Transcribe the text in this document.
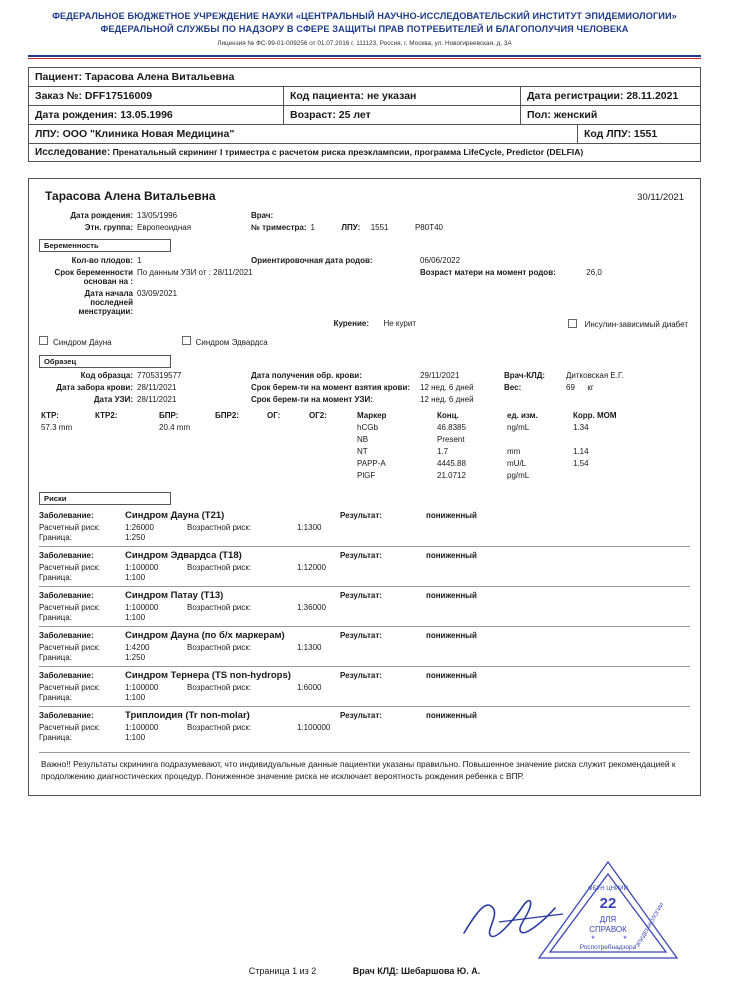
ФЕДЕРАЛЬНОЕ БЮДЖЕТНОЕ УЧРЕЖДЕНИЕ НАУКИ «ЦЕНТРАЛЬНЫЙ НАУЧНО-ИССЛЕДОВАТЕЛЬСКИЙ ИНСТИТУТ ЭПИДЕМИОЛОГИИ»
ФЕДЕРАЛЬНОЙ СЛУЖБЫ ПО НАДЗОРУ В СФЕРЕ ЗАЩИТЫ ПРАВ ПОТРЕБИТЕЛЕЙ И БЛАГОПОЛУЧИЯ ЧЕЛОВЕКА
Лицензия № ФС-99-01-009256 от 01.07.2016 г. 111123, Россия, г. Москва, ул. Новогиреевская, д. 3А
Пациент: Тарасова Алена Витальевна
Заказ №: DFF17516009	Код пациента: не указан	Дата регистрации: 28.11.2021
Дата рождения: 13.05.1996	Возраст: 25 лет	Пол: женский
ЛПУ: ООО "Клиника Новая Медицина"	Код ЛПУ: 1551
Исследование: Пренатальный скрининг I триместра с расчетом риска преэклампсии, программа LifeCycle, Predictor (DELFIA)
Тарасова Алена Витальевна	30/11/2021
Дата рождения:	13/05/1996	Врач:	
Этн. группа:	Европеоидная	№ триместра:	1 ЛПУ: 1551 P80T40
Беременность
Кол-во плодов:	1	Ориентировочная дата родов:	06/06/2022
Срок беременности основан на :	По данным УЗИ от : 28/11/2021		Возраст матери на момент родов: 26,0
Дата начала последней менструации:	03/09/2021		
		Курение: Не курит	Инсулин-зависимый диабет
Синдром Дауна	Синдром Эдвардса
Образец
Код образца:	7705319577	Дата получения обр. крови:	29/11/2021	Врач-КЛД:	Дитковская Е.Г.
Дата забора крови:	28/11/2021	Срок берем-ти на момент взятия крови:	12 нед. 6 дней	Вес:	69 кг
Дата УЗИ:	28/11/2021	Срок берем-ти на момент УЗИ:	12 нед. 6 дней		
КТР:	КТР2:	БПР:	БПР2:	ОГ:	ОГ2:	Маркер	Конц.	ед. изм.	Корр. МОМ
57.3 mm		20.4 mm				hCGb	46.8385	ng/mL	1.34
						NB	Present		
						NT	1.7	mm	1.14
						PAPP-A	4445.88	mU/L	1.54
						PlGF	21.0712	pg/mL	
Риски
Заболевание:	Синдром Дауна (Т21)	Результат:	пониженный
Расчетный риск:	1:26000	Возрастной риск:	1:1300
Граница:	1:250
Заболевание:	Синдром Эдвардса (Т18)	Результат:	пониженный
Расчетный риск:	1:100000	Возрастной риск:	1:12000
Граница:	1:100
Заболевание:	Синдром Патау (Т13)	Результат:	пониженный
Расчетный риск:	1:100000	Возрастной риск:	1:36000
Граница:	1:100
Заболевание:	Синдром Дауна (по б/х маркерам)	Результат:	пониженный
Расчетный риск:	1:4200	Возрастной риск:	1:1300
Граница:	1:250
Заболевание:	Синдром Тернера (TS non-hydrops)	Результат:	пониженный
Расчетный риск:	1:100000	Возрастной риск:	1:6000
Граница:	1:100
Заболевание:	Триплоидия (Tr non-molar)	Результат:	пониженный
Расчетный риск:	1:100000	Возрастной риск:	1:100000
Граница:	1:100
Важно!! Результаты скрининга подразумевают, что индивидуальные данные пациентки указаны правильно. Повышенное значение риска служит рекомендацией к продолжению диагностических процедур. Пониженное значение риска не исключает вероятность рождения ребенка с ВПР.
22
ДЛЯ
СПРАВОК
ФБУН ЦНИИИ
Роспотребнадзора
ЭПИДЕМИОЛОГИИ
*	*
Страница 1 из 2	Врач КЛД: Шебаршова Ю. А.
